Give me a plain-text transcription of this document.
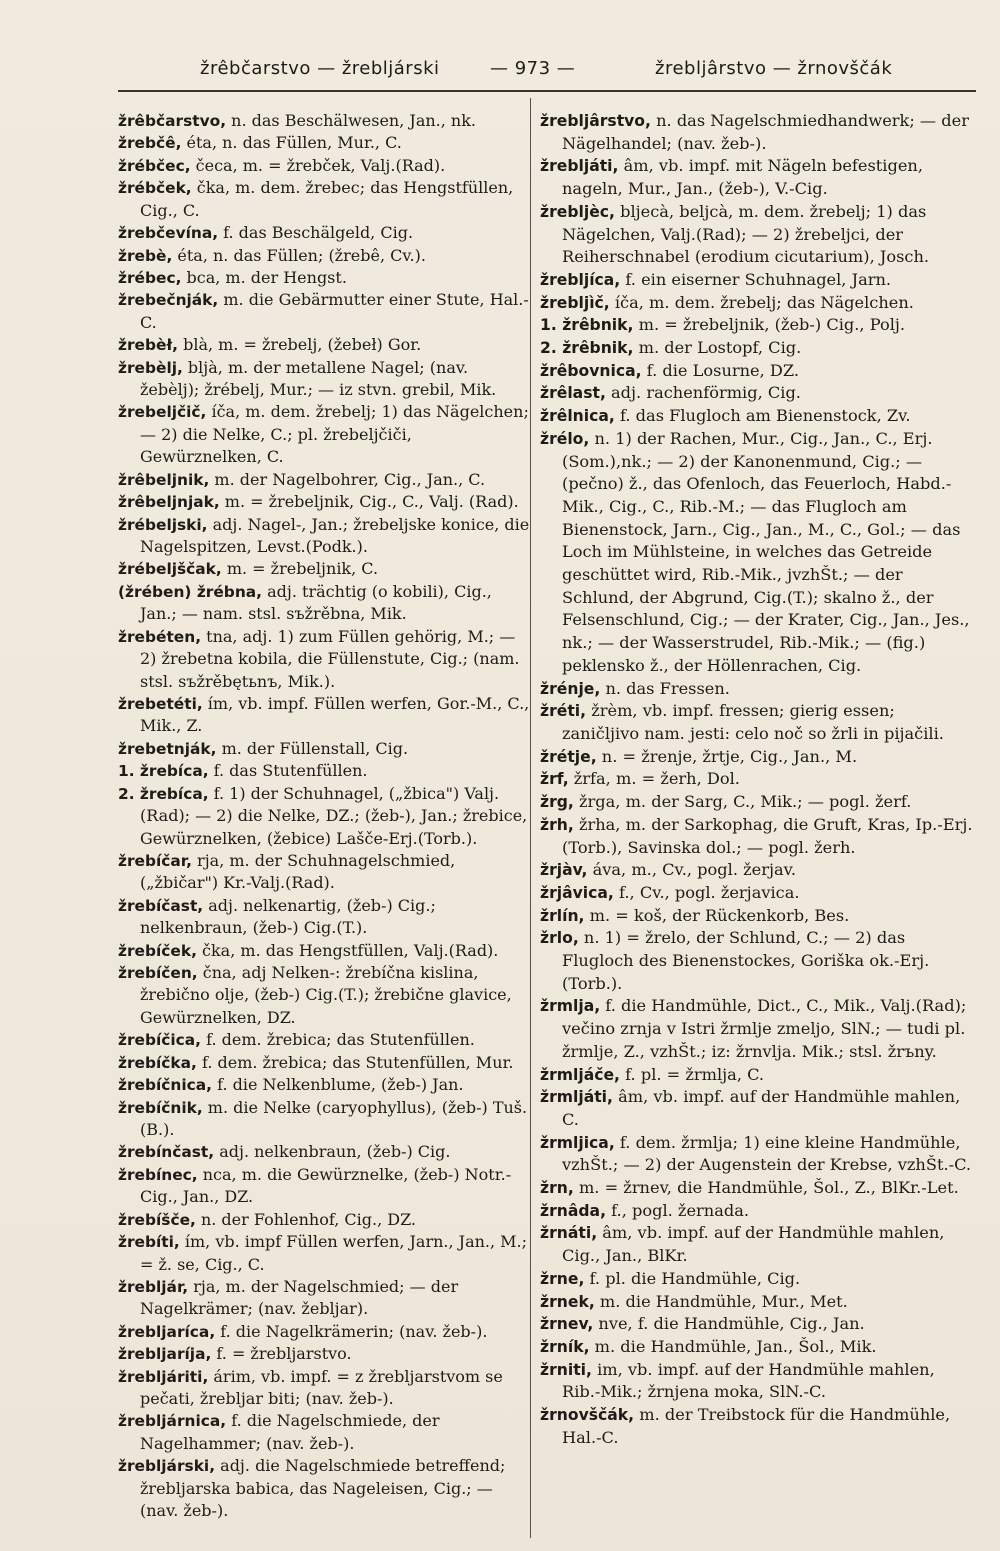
žrêbčarstvo — žrebljárski	— 973 —	žrebljârstvo — žrnovščák

žrêbčarstvo, n. das Beschälwesen, Jan., nk.

žrebčê, éta, n. das Füllen, Mur., C.

žrébčec, čeca, m. = žrebček, Valj.(Rad).

žrébček, čka, m. dem. žrebec; das Hengstfüllen, Cig., C.

žrebčevína, f. das Beschälgeld, Cig.

žrebè, éta, n. das Füllen; (žrebê, Cv.).

žrébec, bca, m. der Hengst.

žrebečnják, m. die Gebärmutter einer Stute, Hal.-C.

žrebèł, blà, m. = žrebelj, (žebeł) Gor.

žrebèlj, bljà, m. der metallene Nagel; (nav. žebèlj); žrébelj, Mur.; — iz stvn. grebil, Mik.

žrebeljčič, íča, m. dem. žrebelj; 1) das Nägelchen; — 2) die Nelke, C.; pl. žrebeljčiči, Gewürznelken, C.

žrêbeljnik, m. der Nagelbohrer, Cig., Jan., C.

žrêbeljnjak, m. = žrebeljnik, Cig., C., Valj. (Rad).

žrébeljski, adj. Nagel-, Jan.; žrebeljske konice, die Nagelspitzen, Levst.(Podk.).

žrébeljščak, m. = žrebeljnik, C.

(žrében) žrébna, adj. trächtig (o kobili), Cig., Jan.; — nam. stsl. sъžrěbna, Mik.

žrebéten, tna, adj. 1) zum Füllen gehörig, M.; — 2) žrebetna kobila, die Füllenstute, Cig.; (nam. stsl. sъžrěbętьnъ, Mik.).

žrebetéti, ím, vb. impf. Füllen werfen, Gor.-M., C., Mik., Z.

žrebetnják, m. der Füllenstall, Cig.

1. žrebíca, f. das Stutenfüllen.

2. žrebíca, f. 1) der Schuhnagel, („žbica") Valj.(Rad); — 2) die Nelke, DZ.; (žeb-), Jan.; žrebice, Gewürznelken, (žebice) Lašče-Erj.(Torb.).

žrebíčar, rja, m. der Schuhnagelschmied, („žbičar") Kr.-Valj.(Rad).

žrebíčast, adj. nelkenartig, (žeb-) Cig.; nelkenbraun, (žeb-) Cig.(T.).

žrebíček, čka, m. das Hengstfüllen, Valj.(Rad).

žrebíčen, čna, adj Nelken-: žrebíčna kislina, žrebično olje, (žeb-) Cig.(T.); žrebične glavice, Gewürznelken, DZ.

žrebíčica, f. dem. žrebica; das Stutenfüllen.

žrebíčka, f. dem. žrebica; das Stutenfüllen, Mur.

žrebíčnica, f. die Nelkenblume, (žeb-) Jan.

žrebíčnik, m. die Nelke (caryophyllus), (žeb-) Tuš.(B.).

žrebínčast, adj. nelkenbraun, (žeb-) Cig.

žrebínec, nca, m. die Gewürznelke, (žeb-) Notr.-Cig., Jan., DZ.

žrebíšče, n. der Fohlenhof, Cig., DZ.

žrebíti, ím, vb. impf Füllen werfen, Jarn., Jan., M.; = ž. se, Cig., C.

žrebljár, rja, m. der Nagelschmied; — der Nagelkrämer; (nav. žebljar).

žrebljaríca, f. die Nagelkrämerin; (nav. žeb-).

žrebljaríja, f. = žrebljarstvo.

žrebljáriti, árim, vb. impf. = z žrebljarstvom se pečati, žrebljar biti; (nav. žeb-).

žrebljárnica, f. die Nagelschmiede, der Nagelhammer; (nav. žeb-).

žrebljárski, adj. die Nagelschmiede betreffend; žrebljarska babica, das Nageleisen, Cig.; — (nav. žeb-).

žrebljârstvo, n. das Nagelschmiedhandwerk; — der Nägelhandel; (nav. žeb-).

žrebljáti, âm, vb. impf. mit Nägeln befestigen, nageln, Mur., Jan., (žeb-), V.-Cig.

žrebljèc, bljecà, beljcà, m. dem. žrebelj; 1) das Nägelchen, Valj.(Rad); — 2) žrebeljci, der Reiherschnabel (erodium cicutarium), Josch.

žrebljíca, f. ein eiserner Schuhnagel, Jarn.

žrebljìč, íča, m. dem. žrebelj; das Nägelchen.

1. žrêbnik, m. = žrebeljnik, (žeb-) Cig., Polj.

2. žrêbnik, m. der Lostopf, Cig.

žrêbovnica, f. die Losurne, DZ.

žrêlast, adj. rachenförmig, Cig.

žrêlnica, f. das Flugloch am Bienenstock, Zv.

žrélo, n. 1) der Rachen, Mur., Cig., Jan., C., Erj.(Som.),nk.; — 2) der Kanonenmund, Cig.; — (pečno) ž., das Ofenloch, das Feuerloch, Habd.-Mik., Cig., C., Rib.-M.; — das Flugloch am Bienenstock, Jarn., Cig., Jan., M., C., Gol.; — das Loch im Mühlsteine, in welches das Getreide geschüttet wird, Rib.-Mik., jvzhŠt.; — der Schlund, der Abgrund, Cig.(T.); skalno ž., der Felsenschlund, Cig.; — der Krater, Cig., Jan., Jes., nk.; — der Wasserstrudel, Rib.-Mik.; — (fig.) peklensko ž., der Höllenrachen, Cig.

žrénje, n. das Fressen.

žréti, žrèm, vb. impf. fressen; gierig essen; zaničljivo nam. jesti: celo noč so žrli in pijačili.

žrétje, n. = žrenje, žrtje, Cig., Jan., M.

žrf, žrfa, m. = žerh, Dol.

žrg, žrga, m. der Sarg, C., Mik.; — pogl. žerf.

žrh, žrha, m. der Sarkophag, die Gruft, Kras, Ip.-Erj.(Torb.), Savinska dol.; — pogl. žerh.

žrjàv, áva, m., Cv., pogl. žerjav.

žrjâvica, f., Cv., pogl. žerjavica.

žrlín, m. = koš, der Rückenkorb, Bes.

žrlo, n. 1) = žrelo, der Schlund, C.; — 2) das Flugloch des Bienenstockes, Goriška ok.-Erj.(Torb.).

žrmlja, f. die Handmühle, Dict., C., Mik., Valj.(Rad); večino zrnja v Istri žrmlje zmeljo, SlN.; — tudi pl. žrmlje, Z., vzhŠt.; iz: žrnvlja. Mik.; stsl. žrъny.

žrmljáče, f. pl. = žrmlja, C.

žrmljáti, âm, vb. impf. auf der Handmühle mahlen, C.

žrmljica, f. dem. žrmlja; 1) eine kleine Handmühle, vzhŠt.; — 2) der Augenstein der Krebse, vzhŠt.-C.

žrn, m. = žrnev, die Handmühle, Šol., Z., BlKr.-Let.

žrnâda, f., pogl. žernada.

žrnáti, âm, vb. impf. auf der Handmühle mahlen, Cig., Jan., BlKr.

žrne, f. pl. die Handmühle, Cig.

žrnek, m. die Handmühle, Mur., Met.

žrnev, nve, f. die Handmühle, Cig., Jan.

žrník, m. die Handmühle, Jan., Šol., Mik.

žrniti, im, vb. impf. auf der Handmühle mahlen, Rib.-Mik.; žrnjena moka, SlN.-C.

žrnovščák, m. der Treibstock für die Handmühle, Hal.-C.
